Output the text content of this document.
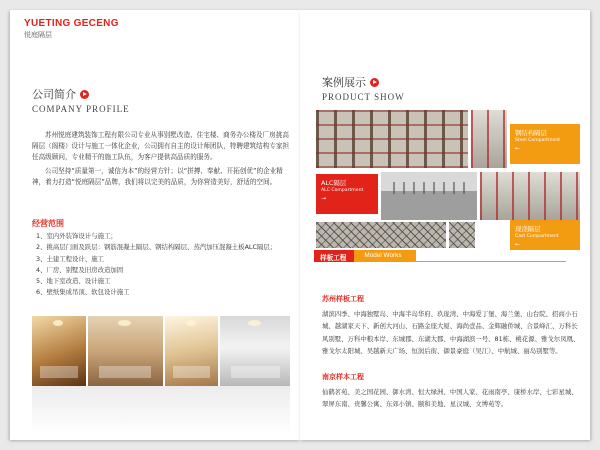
YUETING GECENG
悦庭隔层
公司简介
COMPANY PROFILE

苏州悦庭建筑装饰工程有限公司专业从事别墅改造、住宅楼、商务办公楼及厂房挑高隔层（阁楼）设计与施工一体化企业，公司拥有自主的设计师团队，特聘建筑结构专家担任高级顾问，专业精干的施工队伍，为客户提供高品质的服务。

公司坚持“质量第一，诚信为本”的经营方针；以“拼搏、奉献、开拓创优”的企业精神，着力打造“悦庭隔层”品牌，我们将以完美的品质，为你营造美好，舒适的空间。

经营范围
1、室内外装饰设计与施工；
2、挑高层门面及跃层：钢筋混凝土隔层、钢结构隔层、蒸汽加压混凝土板ALC隔层；
3、土建工程设计、施工
4、厂房、别墅及旧房改造加固
5、地下室改造、设计施工
6、壁纸集成吊顶、软包设计施工
案例展示
PRODUCT SHOW
钢结构隔层
Steel Compartment
←
ALC隔层
ALC Compartment
→
现浇隔层
Cast Compartment
←
样板工程	Model Works
苏州样板工程
湖滨四季、中海独墅岛、中海半岛华府、玖珑湾、中海爱丁堡、海兰堡、山台院、招商小石城、越湖家天下、新创大河山、石路金座大厦、海尚壹品、金辉融侨城、合景峰汇、万科长风别墅、万科中粮本岸、东城郡、东湖大郡、中海湖滨一号、81栋、桃花源、雅戈尔凤凰、雅戈尔太阳城、吴越新天广场、恒润后街、御景豪庭（吴江）、中航城、丽岛别墅等。
南京样本工程
仙鹤茗苑、美之国花园、御水湾、恒大绿洲、中国人家、花雨南亭、康桥水岸、七彩星城、翠屏东南、贵馨公寓、东郊小镇、颐和美地、星汉城、文博苑等。
